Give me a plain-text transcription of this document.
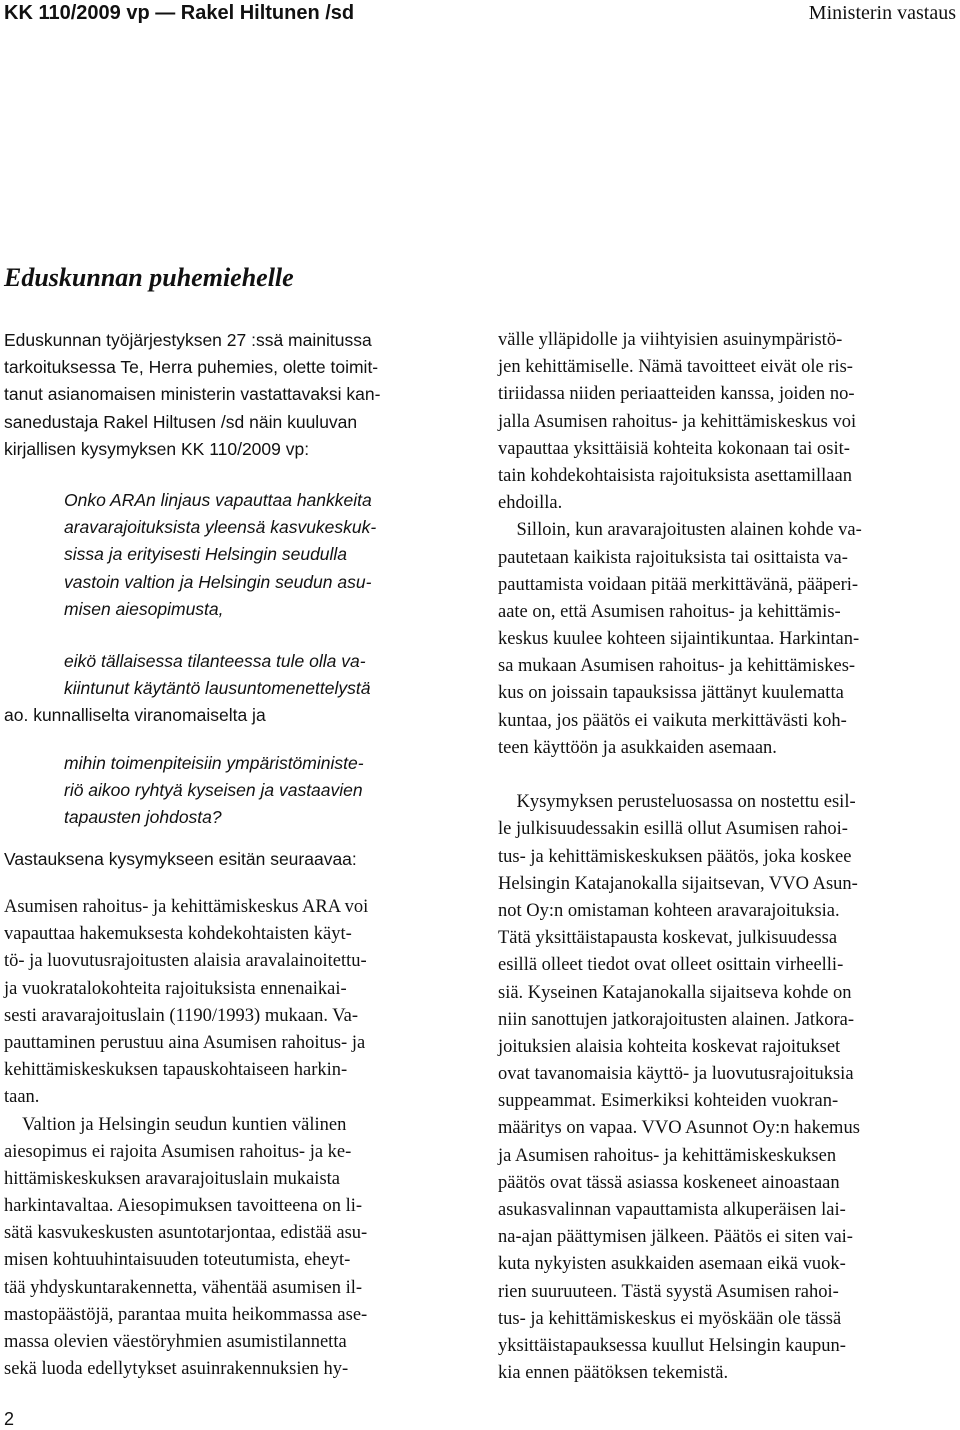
KK 110/2009 vp — Rakel Hiltunen /sd	Ministerin vastaus
Eduskunnan puhemiehelle
Eduskunnan työjärjestyksen 27 :ssä mainitussa
tarkoituksessa Te, Herra puhemies, olette toimit-
tanut asianomaisen ministerin vastattavaksi kan-
sanedustaja Rakel Hiltusen /sd näin kuuluvan
kirjallisen kysymyksen KK 110/2009 vp:
Onko ARAn linjaus vapauttaa hankkeita
aravarajoituksista yleensä kasvukeskuk-
sissa ja erityisesti Helsingin seudulla
vastoin valtion ja Helsingin seudun asu-
misen aiesopimusta,
eikö tällaisessa tilanteessa tule olla va-
kiintunut käytäntö lausuntomenettelystä
ao. kunnalliselta viranomaiselta ja
mihin toimenpiteisiin ympäristöministe-
riö aikoo ryhtyä kyseisen ja vastaavien
tapausten johdosta?
Vastauksena kysymykseen esitän seuraavaa:
Asumisen rahoitus- ja kehittämiskeskus ARA voi
vapauttaa hakemuksesta kohdekohtaisten käyt-
tö- ja luovutusrajoitusten alaisia aravalainoitettu-
ja vuokratalokohteita rajoituksista ennenaikai-
sesti aravarajoituslain (1190/1993) mukaan. Va-
pauttaminen perustuu aina Asumisen rahoitus- ja
kehittämiskeskuksen tapauskohtaiseen harkin-
taan.
Valtion ja Helsingin seudun kuntien välinen
aiesopimus ei rajoita Asumisen rahoitus- ja ke-
hittämiskeskuksen aravarajoituslain mukaista
harkintavaltaa. Aiesopimuksen tavoitteena on li-
sätä kasvukeskusten asuntotarjontaa, edistää asu-
misen kohtuuhintaisuuden toteutumista, eheyt-
tää yhdyskuntarakennetta, vähentää asumisen il-
mastopäästöjä, parantaa muita heikommassa ase-
massa olevien väestöryhmien asumistilannetta
sekä luoda edellytykset asuinrakennuksien hy-
välle ylläpidolle ja viihtyisien asuinympäristö-
jen kehittämiselle. Nämä tavoitteet eivät ole ris-
tiriidassa niiden periaatteiden kanssa, joiden no-
jalla Asumisen rahoitus- ja kehittämiskeskus voi
vapauttaa yksittäisiä kohteita kokonaan tai osit-
tain kohdekohtaisista rajoituksista asettamillaan
ehdoilla.
Silloin, kun aravarajoitusten alainen kohde va-
pautetaan kaikista rajoituksista tai osittaista va-
pauttamista voidaan pitää merkittävänä, pääperi-
aate on, että Asumisen rahoitus- ja kehittämis-
keskus kuulee kohteen sijaintikuntaa. Harkintan-
sa mukaan Asumisen rahoitus- ja kehittämiskes-
kus on joissain tapauksissa jättänyt kuulematta
kuntaa, jos päätös ei vaikuta merkittävästi koh-
teen käyttöön ja asukkaiden asemaan.
Kysymyksen perusteluosassa on nostettu esil-
le julkisuudessakin esillä ollut Asumisen rahoi-
tus- ja kehittämiskeskuksen päätös, joka koskee
Helsingin Katajanokalla sijaitsevan, VVO Asun-
not Oy:n omistaman kohteen aravarajoituksia.
Tätä yksittäistapausta koskevat, julkisuudessa
esillä olleet tiedot ovat olleet osittain virheelli-
siä. Kyseinen Katajanokalla sijaitseva kohde on
niin sanottujen jatkorajoitusten alainen. Jatkora-
joituksien alaisia kohteita koskevat rajoitukset
ovat tavanomaisia käyttö- ja luovutusrajoituksia
suppeammat. Esimerkiksi kohteiden vuokran-
määritys on vapaa. VVO Asunnot Oy:n hakemus
ja Asumisen rahoitus- ja kehittämiskeskuksen
päätös ovat tässä asiassa koskeneet ainoastaan
asukasvalinnan vapauttamista alkuperäisen lai-
na-ajan päättymisen jälkeen. Päätös ei siten vai-
kuta nykyisten asukkaiden asemaan eikä vuok-
rien suuruuteen. Tästä syystä Asumisen rahoi-
tus- ja kehittämiskeskus ei myöskään ole tässä
yksittäistapauksessa kuullut Helsingin kaupun-
kia ennen päätöksen tekemistä.
2
